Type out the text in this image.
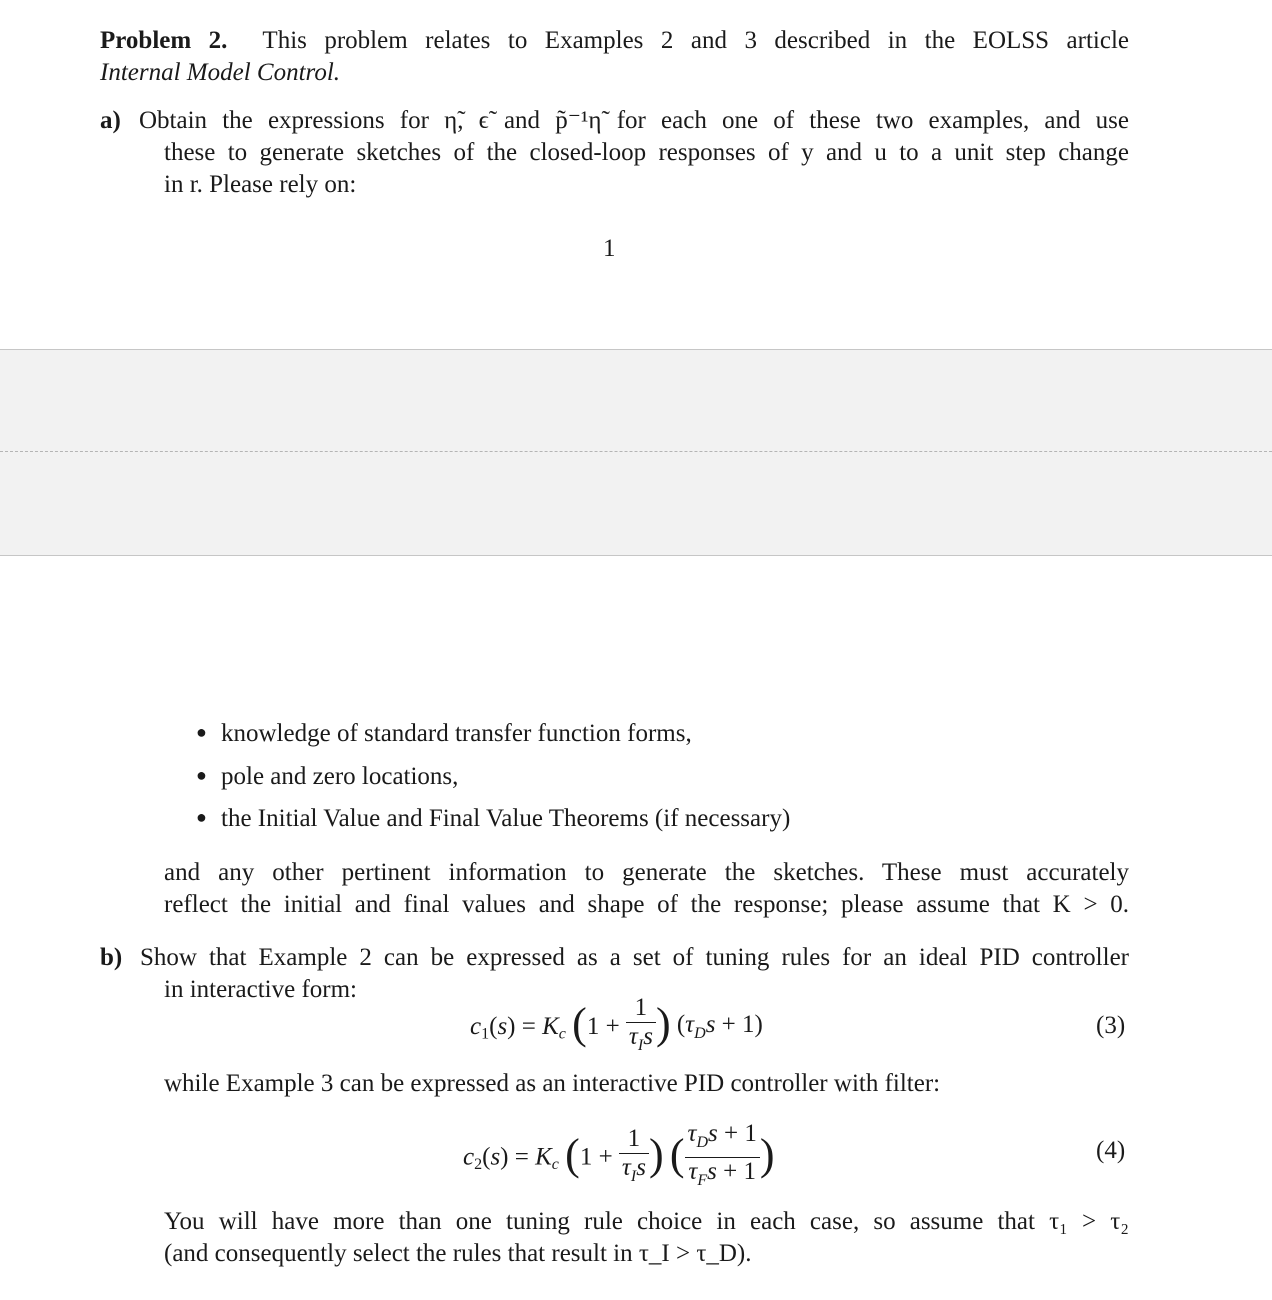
Problem 2. This problem relates to Examples 2 and 3 described in the EOLSS article
Internal Model Control.
a) Obtain the expressions for η̃, ϵ̃ and p̃⁻¹η̃ for each one of these two examples, and use
these to generate sketches of the closed-loop responses of y and u to a unit step change
in r. Please rely on:
1
● knowledge of standard transfer function forms,
● pole and zero locations,
● the Initial Value and Final Value Theorems (if necessary)
and any other pertinent information to generate the sketches. These must accurately
reflect the initial and final values and shape of the response; please assume that K > 0.
b) Show that Example 2 can be expressed as a set of tuning rules for an ideal PID controller
in interactive form:
$c_1(s) = K_c$ ($1 + \frac{1}{\tau_Is}$ ) $(\tau_Ds + 1)$	(3)
while Example 3 can be expressed as an interactive PID controller with filter:
$c_2(s) = K_c$ ($1 + \frac{1}{\tau_Is}$ ) ( $\frac{\tau_Ds + 1}{\tau_Fs + 1}$ )	(4)
You will have more than one tuning rule choice in each case, so assume that τ₁ > τ₂
(and consequently select the rules that result in τ_I > τ_D).
